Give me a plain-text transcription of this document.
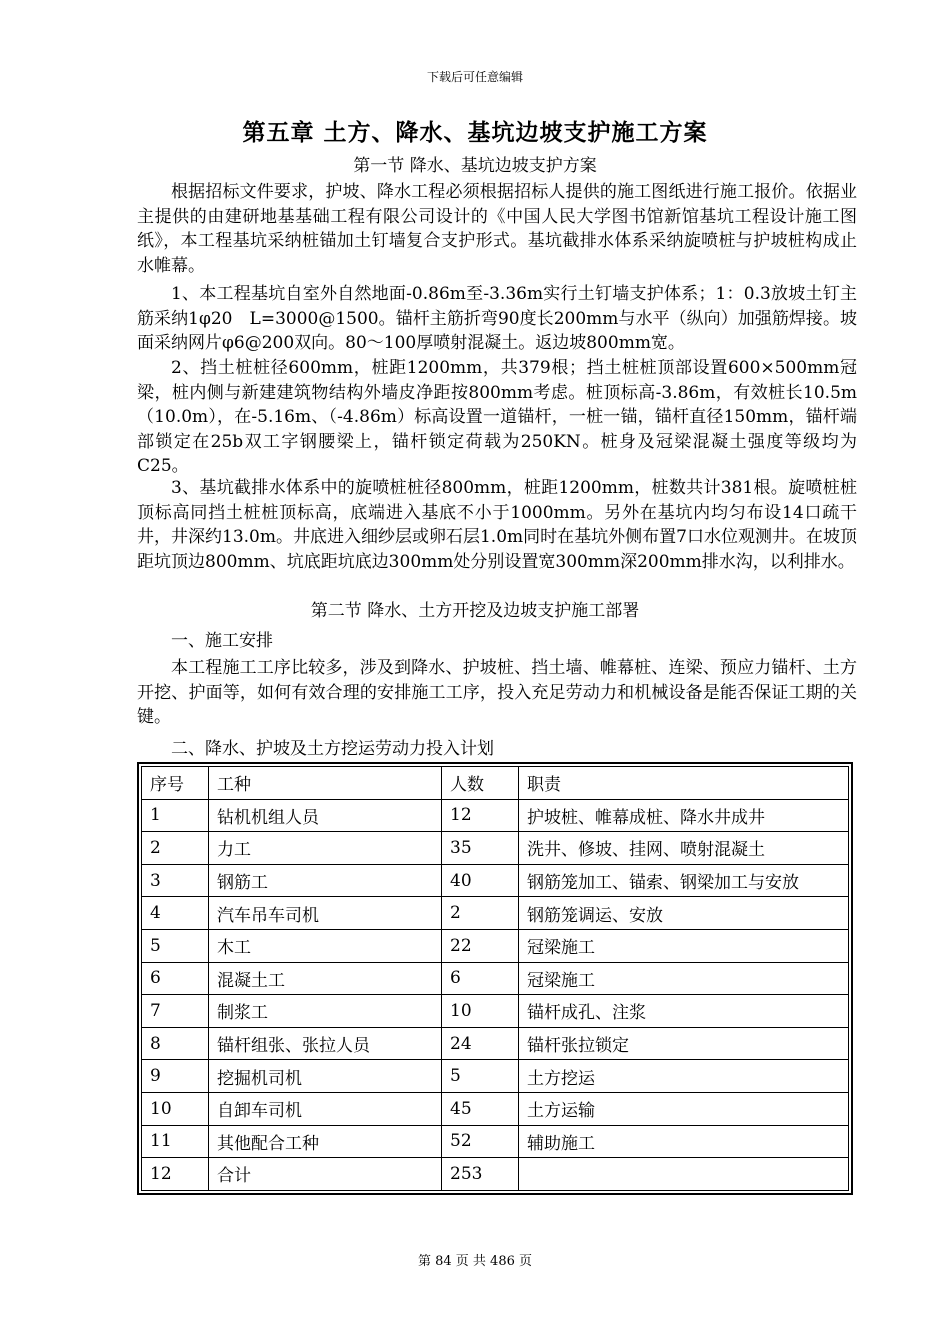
下载后可任意编辑
第五章 土方、降水、基坑边坡支护施工方案
第一节 降水、基坑边坡支护方案

根据招标文件要求，护坡、降水工程必须根据招标人提供的施工图纸进行施工报价。依据业主提供的由建研地基基础工程有限公司设计的《中国人民大学图书馆新馆基坑工程设计施工图纸》，本工程基坑采纳桩锚加土钉墙复合支护形式。基坑截排水体系采纳旋喷桩与护坡桩构成止水帷幕。

1、本工程基坑自室外自然地面-0.86m至-3.36m实行土钉墙支护体系；1：0.3放坡土钉主筋采纳1φ20　L=3000@1500。锚杆主筋折弯90度长200mm与水平（纵向）加强筋焊接。坡面采纳网片φ6@200双向。80～100厚喷射混凝土。返边坡800mm宽。

2、挡土桩桩径600mm，桩距1200mm，共379根；挡土桩桩顶部设置600×500mm冠梁，桩内侧与新建建筑物结构外墙皮净距按800mm考虑。桩顶标高-3.86m，有效桩长10.5m（10.0m），在-5.16m、（-4.86m）标高设置一道锚杆，一桩一锚，锚杆直径150mm，锚杆端部锁定在25b双工字钢腰梁上，锚杆锁定荷载为250KN。桩身及冠梁混凝土强度等级均为C25。

3、基坑截排水体系中的旋喷桩桩径800mm，桩距1200mm，桩数共计381根。旋喷桩桩顶标高同挡土桩桩顶标高，底端进入基底不小于1000mm。另外在基坑内均匀布设14口疏干井，井深约13.0m。井底进入细纱层或卵石层1.0m同时在基坑外侧布置7口水位观测井。在坡顶距坑顶边800mm、坑底距坑底边300mm处分别设置宽300mm深200mm排水沟，以利排水。

第二节 降水、土方开挖及边坡支护施工部署

一、施工安排

本工程施工工序比较多，涉及到降水、护坡桩、挡土墙、帷幕桩、连梁、预应力锚杆、土方开挖、护面等，如何有效合理的安排施工工序，投入充足劳动力和机械设备是能否保证工期的关键。

二、降水、护坡及土方挖运劳动力投入计划

序号	工种	人数	职责
1	钻机机组人员	12	护坡桩、帷幕成桩、降水井成井
2	力工	35	洗井、修坡、挂网、喷射混凝土
3	钢筋工	40	钢筋笼加工、锚索、钢梁加工与安放
4	汽车吊车司机	2	钢筋笼调运、安放
5	木工	22	冠梁施工
6	混凝土工	6	冠梁施工
7	制浆工	10	锚杆成孔、注浆
8	锚杆组张、张拉人员	24	锚杆张拉锁定
9	挖掘机司机	5	土方挖运
10	自卸车司机	45	土方运输
11	其他配合工种	52	辅助施工
12	合计	253	
第 84 页 共 486 页
